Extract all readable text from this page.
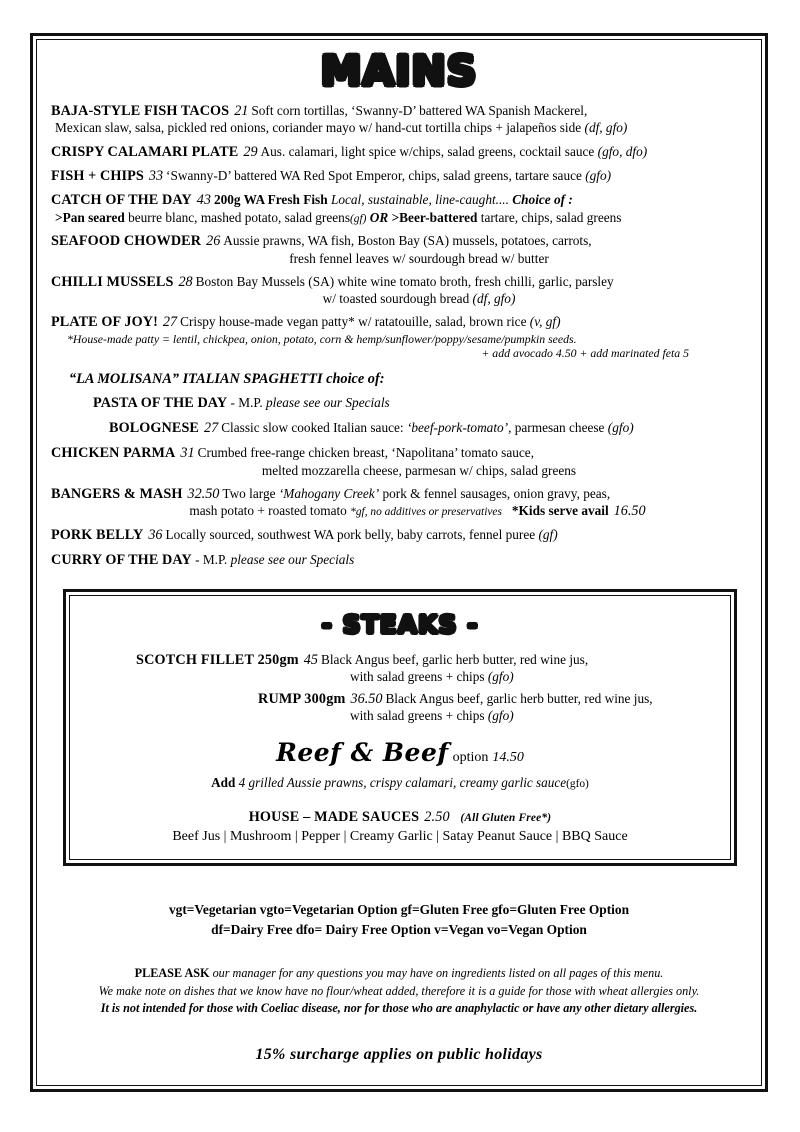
MAINS
BAJA-STYLE FISH TACOS 21 Soft corn tortillas, ‘Swanny-D’ battered WA Spanish Mackerel,
Mexican slaw, salsa, pickled red onions, coriander mayo w/ hand-cut tortilla chips + jalapeños side (df, gfo)
CRISPY CALAMARI PLATE 29 Aus. calamari, light spice w/chips, salad greens, cocktail sauce (gfo, dfo)
FISH + CHIPS 33 ‘Swanny-D’ battered WA Red Spot Emperor, chips, salad greens, tartare sauce (gfo)
CATCH OF THE DAY 43 200g WA Fresh Fish Local, sustainable, line-caught.... Choice of :
>Pan seared beurre blanc, mashed potato, salad greens(gf) OR >Beer-battered tartare, chips, salad greens
SEAFOOD CHOWDER 26 Aussie prawns, WA fish, Boston Bay (SA) mussels, potatoes, carrots,
fresh fennel leaves w/ sourdough bread w/ butter
CHILLI MUSSELS 28 Boston Bay Mussels (SA) white wine tomato broth, fresh chilli, garlic, parsley
w/ toasted sourdough bread (df, gfo)
PLATE OF JOY! 27 Crispy house-made vegan patty* w/ ratatouille, salad, brown rice (v, gf)
*House-made patty = lentil, chickpea, onion, potato, corn & hemp/sunflower/poppy/sesame/pumpkin seeds.
+ add avocado 4.50 + add marinated feta 5
“LA MOLISANA” ITALIAN SPAGHETTI choice of:
PASTA OF THE DAY - M.P. please see our Specials
BOLOGNESE 27 Classic slow cooked Italian sauce: ‘beef-pork-tomato’, parmesan cheese (gfo)
CHICKEN PARMA 31 Crumbed free-range chicken breast, ‘Napolitana’ tomato sauce,
melted mozzarella cheese, parmesan w/ chips, salad greens
BANGERS & MASH 32.50 Two large ‘Mahogany Creek’ pork & fennel sausages, onion gravy, peas,
mash potato + roasted tomato *gf, no additives or preservatives *Kids serve avail 16.50
PORK BELLY 36 Locally sourced, southwest WA pork belly, baby carrots, fennel puree (gf)
CURRY OF THE DAY - M.P. please see our Specials
- STEAKS -
SCOTCH FILLET 250gm 45 Black Angus beef, garlic herb butter, red wine jus,
with salad greens + chips (gfo)
RUMP 300gm 36.50 Black Angus beef, garlic herb butter, red wine jus,
with salad greens + chips (gfo)
Reef & Beef option 14.50
Add 4 grilled Aussie prawns, crispy calamari, creamy garlic sauce(gfo)
HOUSE – MADE SAUCES 2.50 (All Gluten Free*)
Beef Jus | Mushroom | Pepper | Creamy Garlic | Satay Peanut Sauce | BBQ Sauce
vgt=Vegetarian vgto=Vegetarian Option gf=Gluten Free gfo=Gluten Free Option
df=Dairy Free dfo= Dairy Free Option v=Vegan vo=Vegan Option
PLEASE ASK our manager for any questions you may have on ingredients listed on all pages of this menu.
We make note on dishes that we know have no flour/wheat added, therefore it is a guide for those with wheat allergies only.
It is not intended for those with Coeliac disease, nor for those who are anaphylactic or have any other dietary allergies.
15% surcharge applies on public holidays
